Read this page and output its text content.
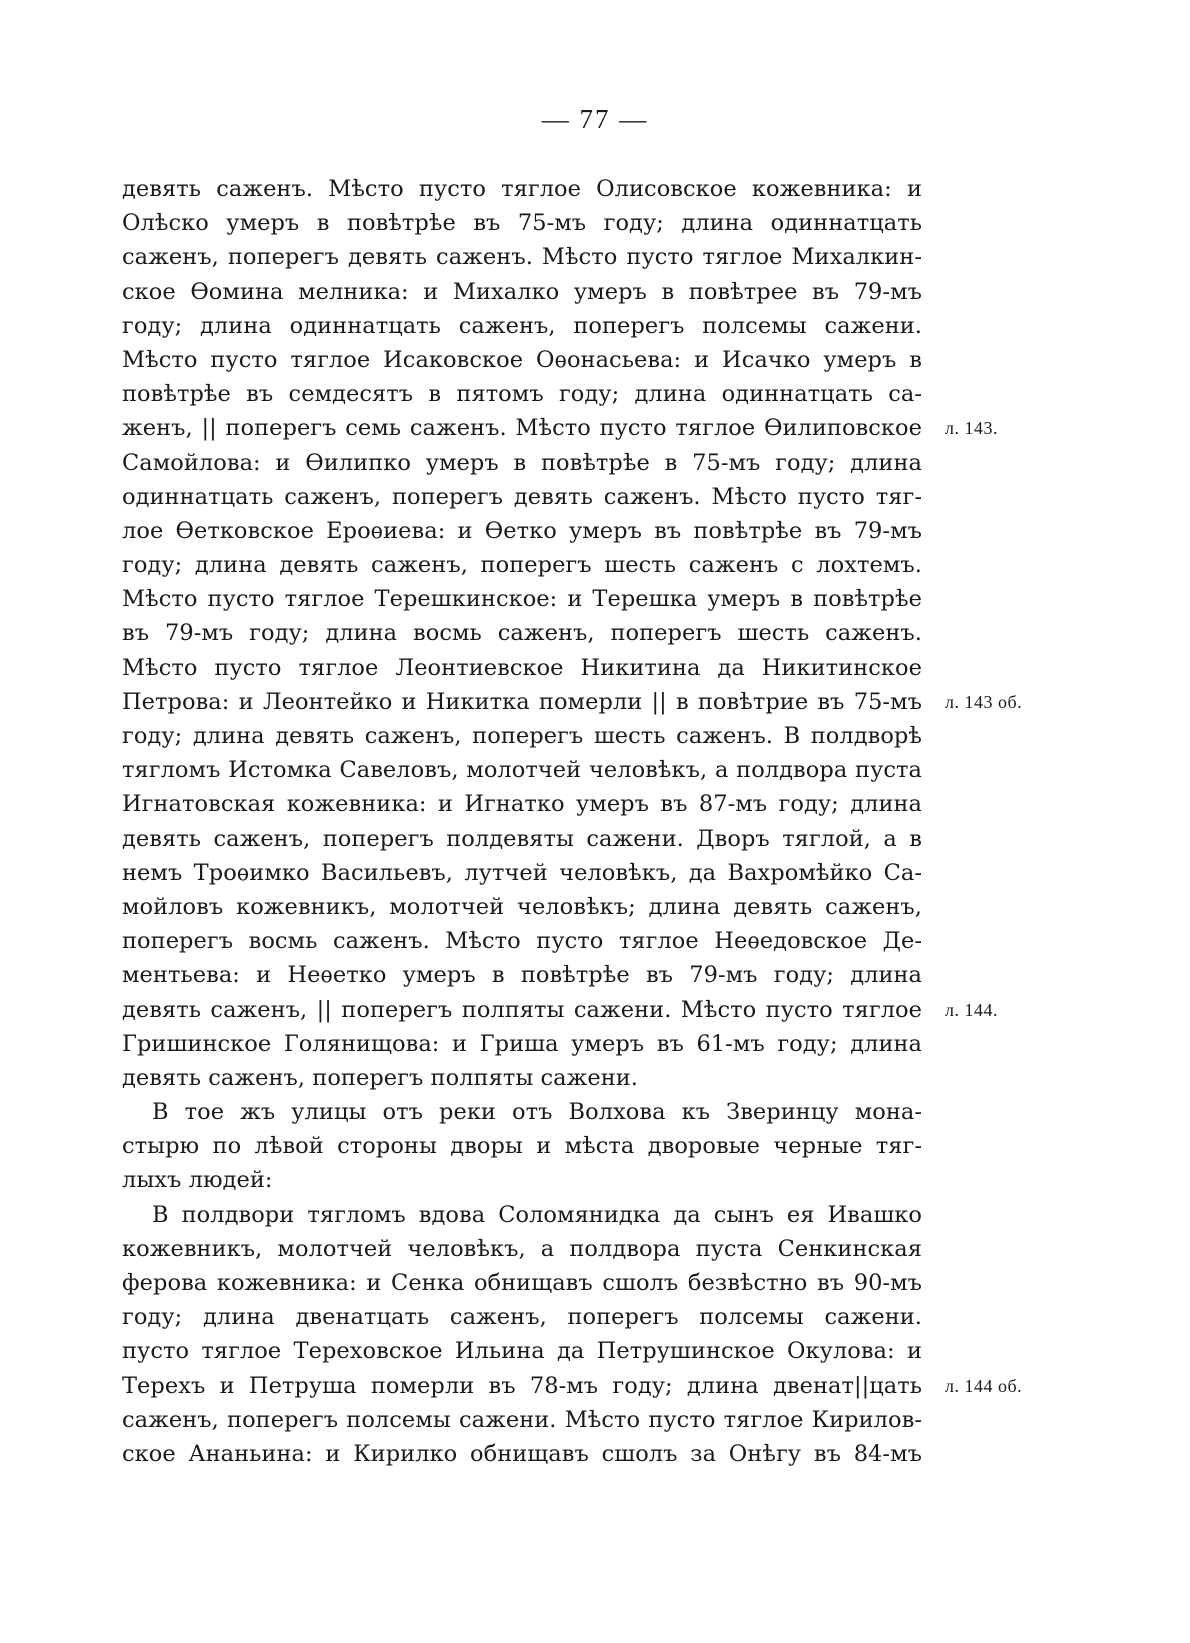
— 77 —
девять саженъ. Мѣсто пусто тяглое Олисовское кожевника: и
Олѣско умеръ в повѣтрѣе въ 75-мъ году; длина одиннатцать
саженъ, поперегъ девять саженъ. Мѣсто пусто тяглое Михалкин-
ское Ѳомина мелника: и Михалко умеръ в повѣтрее въ 79-мъ
году; длина одиннатцать саженъ, поперегъ полсемы сажени.
Мѣсто пусто тяглое Исаковское Оѳонасьева: и Исачко умеръ в
повѣтрѣе въ семдесятъ в пятомъ году; длина одиннатцать са-
женъ, || поперегъ семь саженъ. Мѣсто пусто тяглое Ѳилиповское л. 143.
Самойлова: и Ѳилипко умеръ в повѣтрѣе в 75-мъ году; длина
одиннатцать саженъ, поперегъ девять саженъ. Мѣсто пусто тяг-
лое Ѳетковское Ероѳиева: и Ѳетко умеръ въ повѣтрѣе въ 79-мъ
году; длина девять саженъ, поперегъ шесть саженъ с лохтемъ.
Мѣсто пусто тяглое Терешкинское: и Терешка умеръ в повѣтрѣе
въ 79-мъ году; длина восмь саженъ, поперегъ шесть саженъ.
Мѣсто пусто тяглое Леонтиевское Никитина да Никитинское
Петрова: и Леонтейко и Никитка померли || в повѣтрие въ 75-мъ л. 143 об.
году; длина девять саженъ, поперегъ шесть саженъ. В полдворѣ
тягломъ Истомка Савеловъ, молотчей человѣкъ, а полдвора пуста
Игнатовская кожевника: и Игнатко умеръ въ 87-мъ году; длина
девять саженъ, поперегъ полдевяты сажени. Дворъ тяглой, а в
немъ Троѳимко Васильевъ, лутчей человѣкъ, да Вахромѣйко Са-
мойловъ кожевникъ, молотчей человѣкъ; длина девять саженъ,
поперегъ восмь саженъ. Мѣсто пусто тяглое Неѳедовское Де-
ментьева: и Неѳетко умеръ в повѣтрѣе въ 79-мъ году; длина
девять саженъ, || поперегъ полпяты сажени. Мѣсто пусто тяглое л. 144.
Гришинское Голянищова: и Гриша умеръ въ 61-мъ году; длина
девять саженъ, поперегъ полпяты сажени.
В тое жъ улицы отъ реки отъ Волхова къ Зверинцу мона-
стырю по лѣвой стороны дворы и мѣста дворовые черные тяг-
лыхъ людей:
В полдвори тягломъ вдова Соломянидка да сынъ ея Ивашко
кожевникъ, молотчей человѣкъ, а полдвора пуста Сенкинская
ферова кожевника: и Сенка обнищавъ сшолъ безвѣстно въ 90-мъ
году; длина двенатцать саженъ, поперегъ полсемы сажени.
пусто тяглое Тереховское Ильина да Петрушинское Окулова: и
Терехъ и Петруша померли въ 78-мъ году; длина двенат||цать л. 144 об.
саженъ, поперегъ полсемы сажени. Мѣсто пусто тяглое Кирилов-
ское Ананьина: и Кирилко обнищавъ сшолъ за Онѣгу въ 84-мъ
